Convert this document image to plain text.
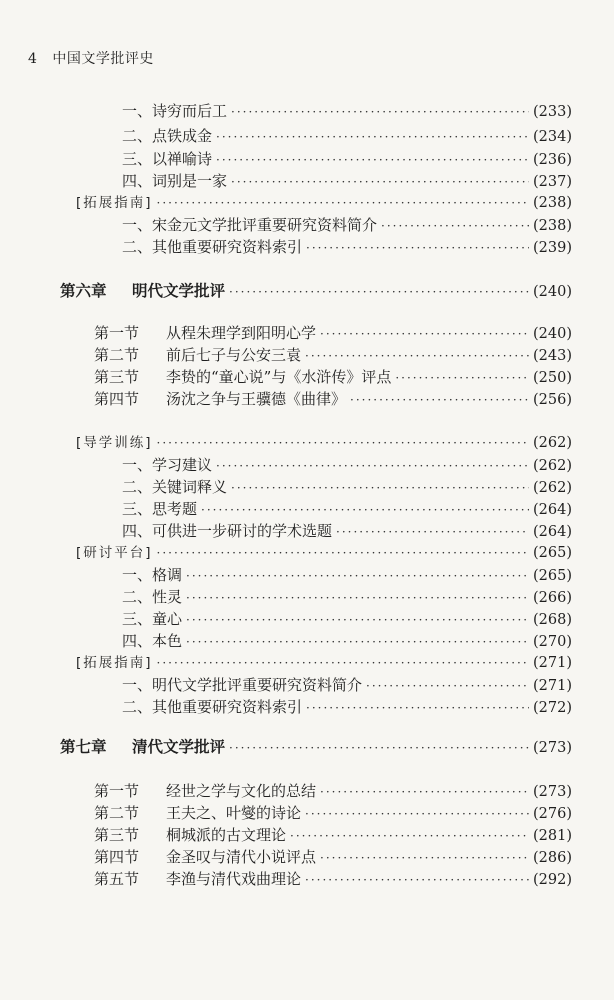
4 中国文学批评史
一、诗穷而后工 ·····	(233)
二、点铁成金 ·····	(234)
三、以禅喻诗 ·····	(236)
四、词别是一家 ·····	(237)
[拓展指南] ·····	(238)
一、宋金元文学批评重要研究资料简介 ·····	(238)
二、其他重要研究资料索引 ·····	(239)
第六章 明代文学批评 ·····	(240)
第一节 从程朱理学到阳明心学 ·····	(240)
第二节 前后七子与公安三袁 ·····	(243)
第三节 李贽的“童心说”与《水浒传》评点 ·····	(250)
第四节 汤沈之争与王骥德《曲律》 ·····	(256)
[导学训练] ·····	(262)
一、学习建议 ·····	(262)
二、关键词释义 ·····	(262)
三、思考题 ·····	(264)
四、可供进一步研讨的学术选题 ·····	(264)
[研讨平台] ·····	(265)
一、格调 ·····	(265)
二、性灵 ·····	(266)
三、童心 ·····	(268)
四、本色 ·····	(270)
[拓展指南] ·····	(271)
一、明代文学批评重要研究资料简介 ·····	(271)
二、其他重要研究资料索引 ·····	(272)
第七章 清代文学批评 ·····	(273)
第一节 经世之学与文化的总结 ·····	(273)
第二节 王夫之、叶燮的诗论 ·····	(276)
第三节 桐城派的古文理论 ·····	(281)
第四节 金圣叹与清代小说评点 ·····	(286)
第五节 李渔与清代戏曲理论 ·····	(292)
